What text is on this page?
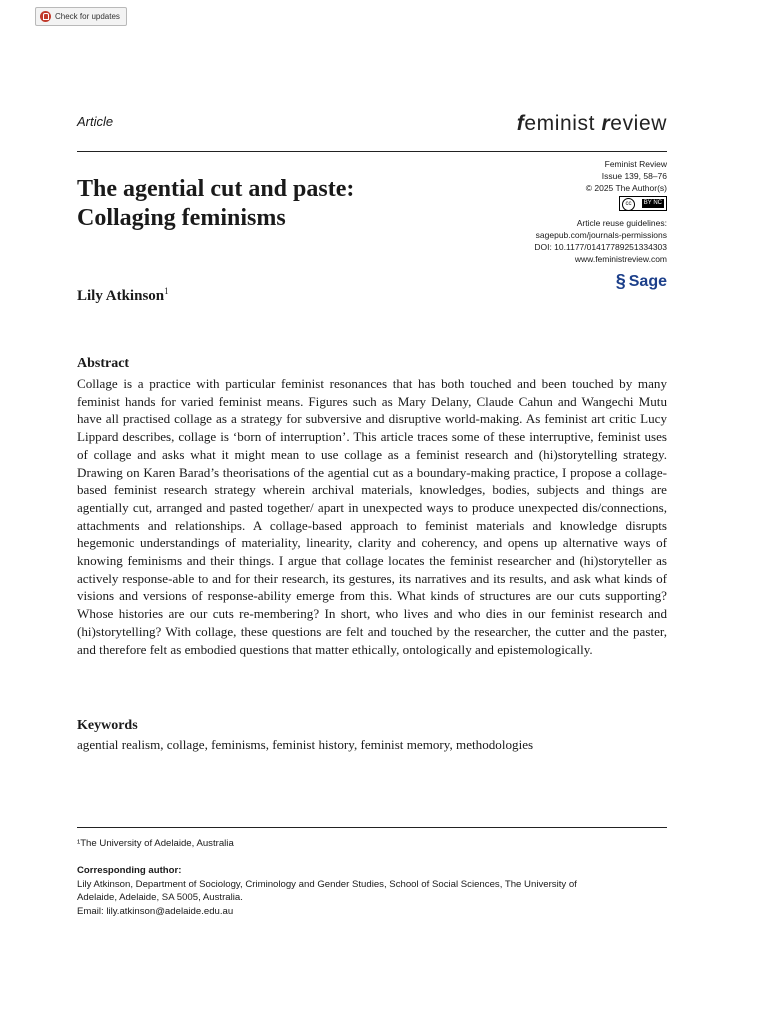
Check for updates
Article	feminist review
The agential cut and paste: Collaging feminisms
Feminist Review
Issue 139, 58–76
© 2025 The Author(s)
cc BY NC
Article reuse guidelines:
sagepub.com/journals-permissions
DOI: 10.1177/01417789251334303
www.feministreview.com
§ Sage
Lily Atkinson$^1$
Abstract

Collage is a practice with particular feminist resonances that has both touched and been touched by many feminist hands for varied feminist means. Figures such as Mary Delany, Claude Cahun and Wangechi Mutu have all practised collage as a strategy for subversive and disruptive world-making. As feminist art critic Lucy Lippard describes, collage is ‘born of interruption’. This article traces some of these interruptive, feminist uses of collage and asks what it might mean to use collage as a feminist research and (hi)storytelling strategy. Drawing on Karen Barad’s theorisations of the agential cut as a boundary-making practice, I propose a collage-based feminist research strategy wherein archival materials, knowledges, bodies, subjects and things are agentially cut, arranged and pasted together/ apart in unexpected ways to produce unexpected dis/connections, attachments and relationships. A collage-based approach to feminist materials and knowledge disrupts hegemonic understandings of materiality, linearity, clarity and coherency, and opens up alternative ways of knowing feminisms and their things. I argue that collage locates the feminist researcher and (hi)storyteller as actively response-able to and for their research, its gestures, its narratives and its results, and ask what kinds of visions and versions of response-ability emerge from this. What kinds of structures are our cuts supporting? Whose histories are our cuts re-membering? In short, who lives and who dies in our feminist research and (hi)storytelling? With collage, these questions are felt and touched by the researcher, the cutter and the paster, and therefore felt as embodied questions that matter ethically, ontologically and epistemologically.

Keywords

agential realism, collage, feminisms, feminist history, feminist memory, methodologies

¹The University of Adelaide, Australia
Corresponding author:
Lily Atkinson, Department of Sociology, Criminology and Gender Studies, School of Social Sciences, The University of
Adelaide, Adelaide, SA 5005, Australia.
Email: lily.atkinson@adelaide.edu.au
